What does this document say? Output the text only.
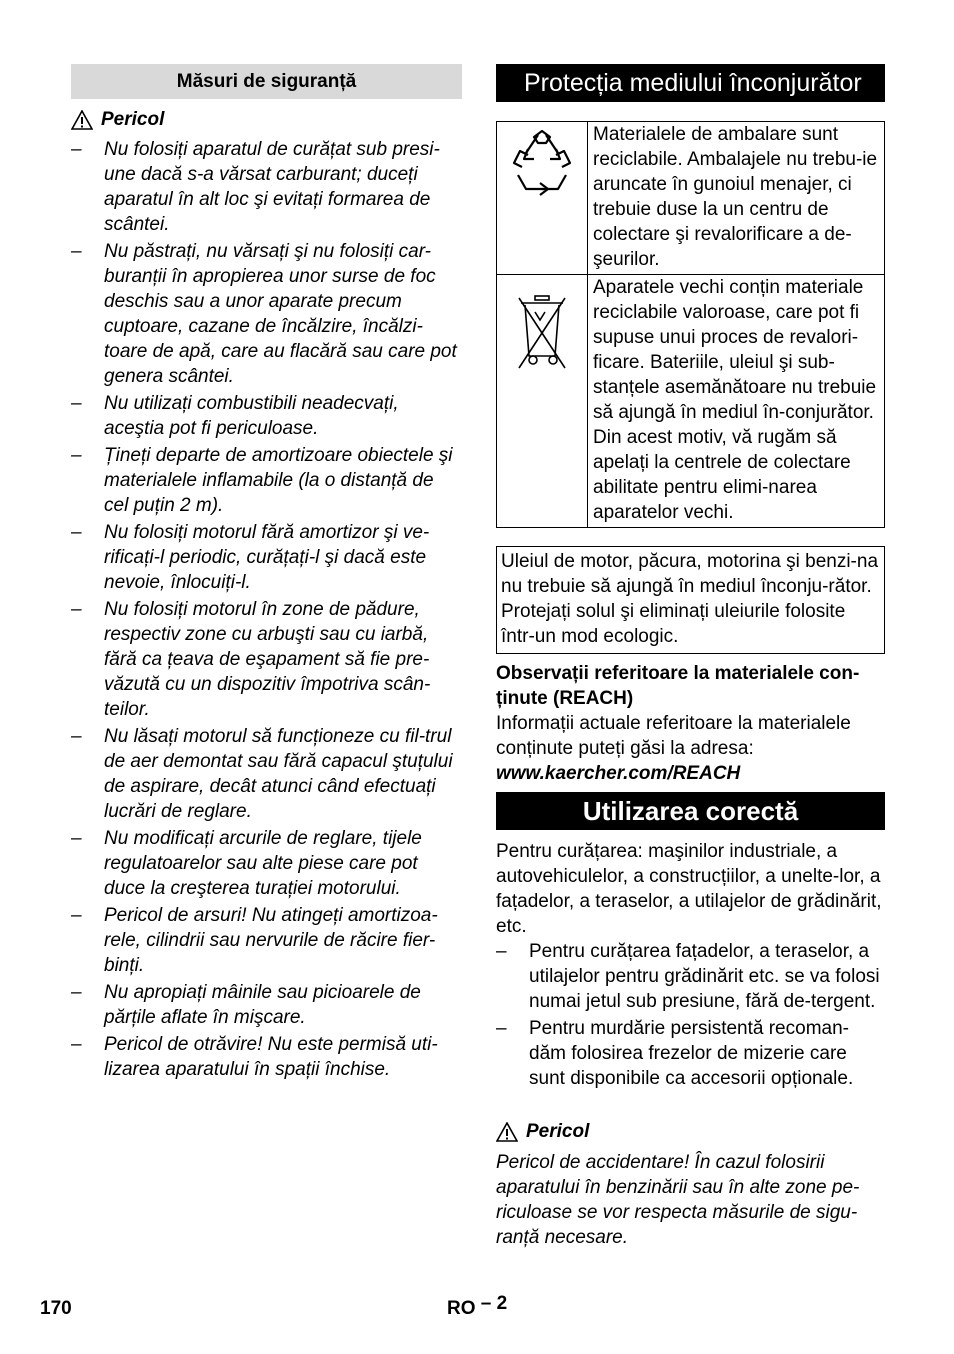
Măsuri de siguranță
Pericol
– Nu folosiți aparatul de curățat sub presi-une dacă s-a vărsat carburant; duceți aparatul în alt loc şi evitați formarea de scântei.
– Nu păstrați, nu vărsați şi nu folosiți car-buranții în apropierea unor surse de foc deschis sau a unor aparate precum cuptoare, cazane de încălzire, încălzi-toare de apă, care au flacără sau care pot genera scântei.
– Nu utilizați combustibili neadecvați, aceştia pot fi periculoase.
– Țineți departe de amortizoare obiectele şi materialele inflamabile (la o distanță de cel puțin 2 m).
– Nu folosiți motorul fără amortizor şi ve-rificați-l periodic, curățați-l şi dacă este nevoie, înlocuiți-l.
– Nu folosiți motorul în zone de pădure, respectiv zone cu arbuşti sau cu iarbă, fără ca țeava de eşapament să fie pre-văzută cu un dispozitiv împotriva scân-teilor.
– Nu lăsați motorul să funcționeze cu fil-trul de aer demontat sau fără capacul ştuțului de aspirare, decât atunci când efectuați lucrări de reglare.
– Nu modificați arcurile de reglare, tijele regulatoarelor sau alte piese care pot duce la creşterea turației motorului.
– Pericol de arsuri! Nu atingeți amortizoa-rele, cilindrii sau nervurile de răcire fier-binți.
– Nu apropiați mâinile sau picioarele de părțile aflate în mişcare.
– Pericol de otrăvire! Nu este permisă uti-lizarea aparatului în spații închise.
Protecția mediului înconjurător
	Materialele de ambalare sunt reciclabile. Ambalajele nu trebu-ie aruncate în gunoiul menajer, ci trebuie duse la un centru de colectare şi revalorificare a de-şeurilor.
	Aparatele vechi conțin materiale reciclabile valoroase, care pot fi supuse unui proces de revalori-ficare. Bateriile, uleiul şi sub-stanțele asemănătoare nu trebuie să ajungă în mediul în-conjurător. Din acest motiv, vă rugăm să apelați la centrele de colectare abilitate pentru elimi-narea aparatelor vechi.
Uleiul de motor, păcura, motorina şi benzi-na nu trebuie să ajungă în mediul înconju-rător. Protejați solul şi eliminați uleiurile folosite într-un mod ecologic.
Observații referitoare la materialele con-ținute (REACH)
Informații actuale referitoare la materialele conținute puteți găsi la adresa:
www.kaercher.com/REACH
Utilizarea corectă
Pentru curățarea: maşinilor industriale, a autovehiculelor, a construcțiilor, a unelte-lor, a fațadelor, a teraselor, a utilajelor de grădinărit, etc.
– Pentru curățarea fațadelor, a teraselor, a utilajelor pentru grădinărit etc. se va folosi numai jetul sub presiune, fără de-tergent.
– Pentru murdărie persistentă recoman-dăm folosirea frezelor de mizerie care sunt disponibile ca accesorii opționale.
Pericol
Pericol de accidentare! În cazul folosirii aparatului în benzinării sau în alte zone pe-riculoase se vor respecta măsurile de sigu-ranță necesare.
170	RO – 2
